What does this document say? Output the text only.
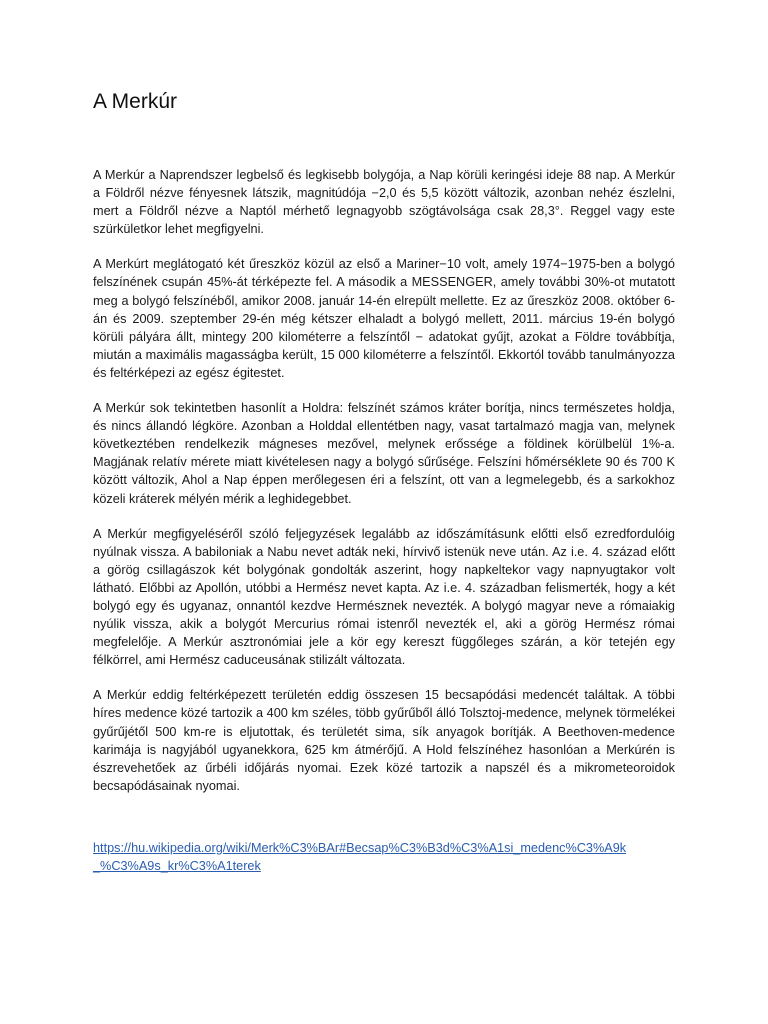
A Merkúr

A Merkúr a Naprendszer legbelső és legkisebb bolygója, a Nap körüli keringési ideje 88 nap. A Merkúr a Földről nézve fényesnek látszik, magnitúdója −2,0 és 5,5 között változik, azonban nehéz észlelni, mert a Földről nézve a Naptól mérhető legnagyobb szögtávolsága csak 28,3°. Reggel vagy este szürkületkor lehet megfigyelni.

A Merkúrt meglátogató két űreszköz közül az első a Mariner−10 volt, amely 1974−1975-ben a bolygó felszínének csupán 45%-át térképezte fel. A második a MESSENGER, amely további 30%-ot mutatott meg a bolygó felszínéből, amikor 2008. január 14-én elrepült mellette. Ez az űreszköz 2008. október 6-án és 2009. szeptember 29-én még kétszer elhaladt a bolygó mellett, 2011. március 19-én bolygó körüli pályára állt, mintegy 200 kilométerre a felszíntől − adatokat gyűjt, azokat a Földre továbbítja, miután a maximális magasságba került, 15 000 kilométerre a felszíntől. Ekkortól tovább tanulmányozza és feltérképezi az egész égitestet.

A Merkúr sok tekintetben hasonlít a Holdra: felszínét számos kráter borítja, nincs természetes holdja, és nincs állandó légköre. Azonban a Holddal ellentétben nagy, vasat tartalmazó magja van, melynek következtében rendelkezik mágneses mezővel, melynek erőssége a földinek körülbelül 1%-a. Magjának relatív mérete miatt kivételesen nagy a bolygó sűrűsége. Felszíni hőmérséklete 90 és 700 K között változik, Ahol a Nap éppen merőlegesen éri a felszínt, ott van a legmelegebb, és a sarkokhoz közeli kráterek mélyén mérik a leghidegebbet.

A Merkúr megfigyeléséről szóló feljegyzések legalább az időszámításunk előtti első ezredfordulóig nyúlnak vissza. A babiloniak a Nabu nevet adták neki, hírvivő istenük neve után. Az i.e. 4. század előtt a görög csillagászok két bolygónak gondolták aszerint, hogy napkeltekor vagy napnyugtakor volt látható. Előbbi az Apollón, utóbbi a Hermész nevet kapta. Az i.e. 4. században felismerték, hogy a két bolygó egy és ugyanaz, onnantól kezdve Hermésznek nevezték. A bolygó magyar neve a rómaiakig nyúlik vissza, akik a bolygót Mercurius római istenről nevezték el, aki a görög Hermész római megfelelője. A Merkúr asztronómiai jele a kör egy kereszt függőleges szárán, a kör tetején egy félkörrel, ami Hermész caduceusának stilizált változata.

A Merkúr eddig feltérképezett területén eddig összesen 15 becsapódási medencét találtak. A többi híres medence közé tartozik a 400 km széles, több gyűrűből álló Tolsztoj-medence, melynek törmelékei gyűrűjétől 500 km-re is eljutottak, és területét sima, sík anyagok borítják. A Beethoven-medence karimája is nagyjából ugyanekkora, 625 km átmérőjű. A Hold felszínéhez hasonlóan a Merkúrén is észrevehetőek az űrbéli időjárás nyomai. Ezek közé tartozik a napszél és a mikrometeoroidok becsapódásainak nyomai.

https://hu.wikipedia.org/wiki/Merk%C3%BAr#Becsap%C3%B3d%C3%A1si_medenc%C3%A9k_%C3%A9s_kr%C3%A1terek
